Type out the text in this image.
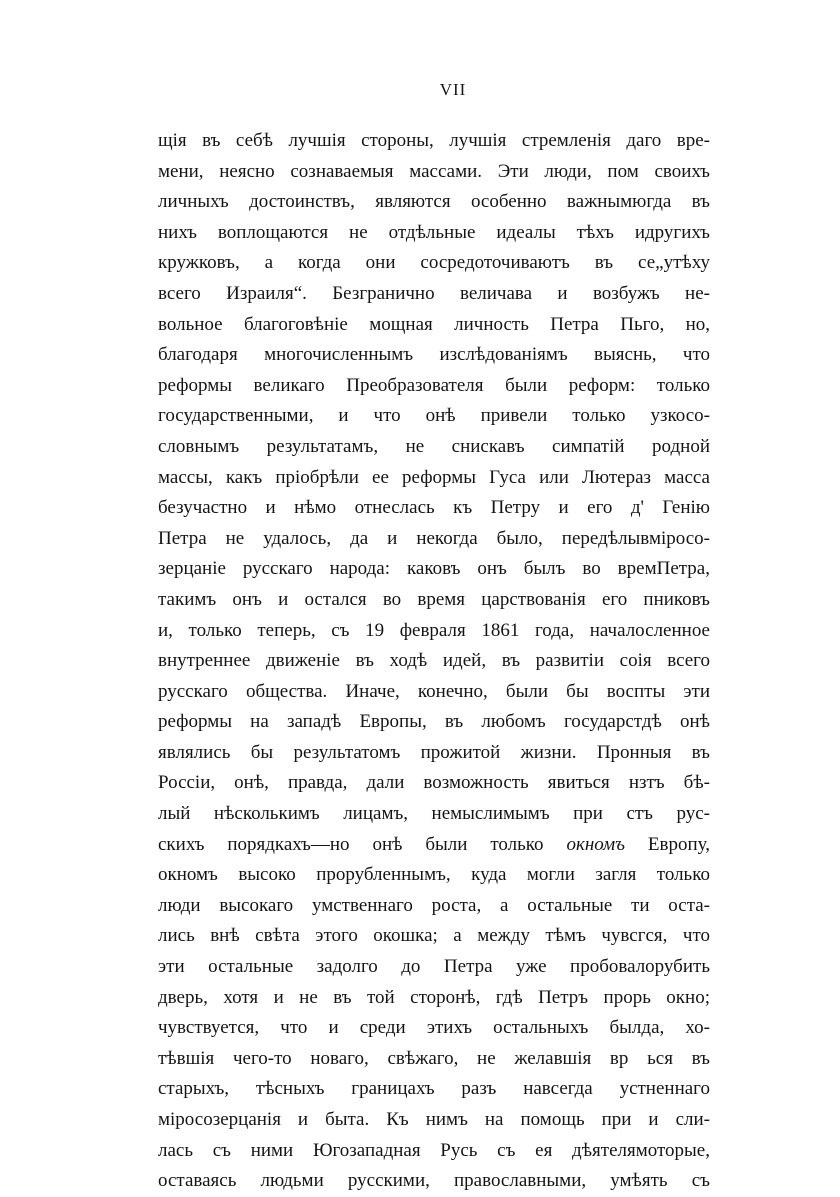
VII
щія въ себѣ лучшія стороны, лучшія стремленія даго вре-
мени, неясно сознаваемыя массами. Эти люди, пом своихъ
личныхъ достоинствъ, являются особенно важнымюгда въ
нихъ воплощаются не отдѣльные идеалы тѣхъ идругихъ
кружковъ, а когда они сосредоточиваютъ въ се„утѣху
всего Израиля“. Безгранично величава и возбужъ не-
вольное благоговѣніе мощная личность Петра Пьго, но,
благодаря многочисленнымъ изслѣдованіямъ выяснь, что
реформы великаго Преобразователя были реформ: только
государственными, и что онѣ привели только узкосо-
словнымъ результатамъ, не снискавъ симпатій родной
массы, какъ пріобрѣли ее реформы Гуса или Лютераз масса
безучастно и нѣмо отнеслась къ Петру и его д' Генію
Петра не удалось, да и некогда было, передѣлывміросо-
зерцаніе русскаго народа: каковъ онъ былъ во времПетра,
такимъ онъ и остался во время царствованія его пниковъ
и, только теперь, съ 19 февраля 1861 года, началосленное
внутреннее движеніе въ ходѣ идей, въ развитіи соія всего
русскаго общества. Иначе, конечно, были бы воспты эти
реформы на западѣ Европы, въ любомъ государстдѣ онѣ
являлись бы результатомъ прожитой жизни. Пронныя въ
Россіи, онѣ, правда, дали возможность явиться нзтъ бѣ-
лый нѣсколькимъ лицамъ, немыслимымъ при стъ рус-
скихъ порядкахъ—но онѣ были только окномъ Европу,
окномъ высоко прорубленнымъ, куда могли загля только
люди высокаго умственнаго роста, а остальные ти оста-
лись внѣ свѣта этого окошка; а между тѣмъ чувсгся, что
эти остальные задолго до Петра уже пробовалорубить
дверь, хотя и не въ той сторонѣ, гдѣ Петръ прорь окно;
чувствуется, что и среди этихъ остальныхъ былда, хо-
тѣвшія чего-то новаго, свѣжаго, не желавшія вр ься въ
старыхъ, тѣсныхъ границахъ разъ навсегда устненнаго
міросозерцанія и быта. Къ нимъ на помощь при и сли-
лась съ ними Югозападная Русь съ ея дѣятелямоторые,
оставаясь людьми русскими, православными, умѣять съ
